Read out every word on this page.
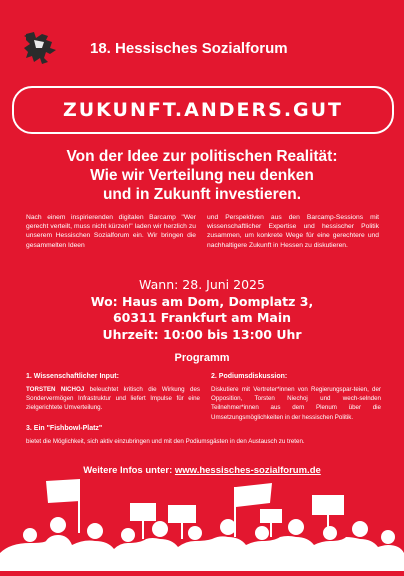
18. Hessisches Sozialforum
ZUKUNFT.ANDERS.GUT
Von der Idee zur politischen Realität:
Wie wir Verteilung neu denken
und in Zukunft investieren.
Nach einem inspirierenden digitalen Barcamp "Wer gerecht verteilt, muss nicht kürzen!" laden wir herzlich zu unserem Hessischen Sozialforum ein. Wir bringen die gesammelten Ideen
und Perspektiven aus den Barcamp-Sessions mit wissenschaftlicher Expertise und hessischer Politik zusammen, um konkrete Wege für eine gerechtere und nachhaltigere Zukunft in Hessen zu diskutieren.
Wann: 28. Juni 2025
Wo: Haus am Dom, Domplatz 3,
60311 Frankfurt am Main
Uhrzeit: 10:00 bis 13:00 Uhr
Programm
1. Wissenschaftlicher Input:
TORSTEN NICHOJ beleuchtet kritisch die Wirkung des Sondervermögen Infrastruktur und liefert Impulse für eine zielgerichtete Umverteilung.
2. Podiumsdiskussion:
Diskutiere mit Vertreter*innen von Regierungspar-teien, der Opposition, Torsten Niechoj und wech-selnden Teilnehmer*innen aus dem Plenum über die Umsetzungsmöglichkeiten in der hessischen Politik.
3. Ein "Fishbowl-Platz"
bietet die Möglichkeit, sich aktiv einzubringen und mit den Podiumsgästen in den Austausch zu treten.
Weitere Infos unter: www.hessisches-sozialforum.de
